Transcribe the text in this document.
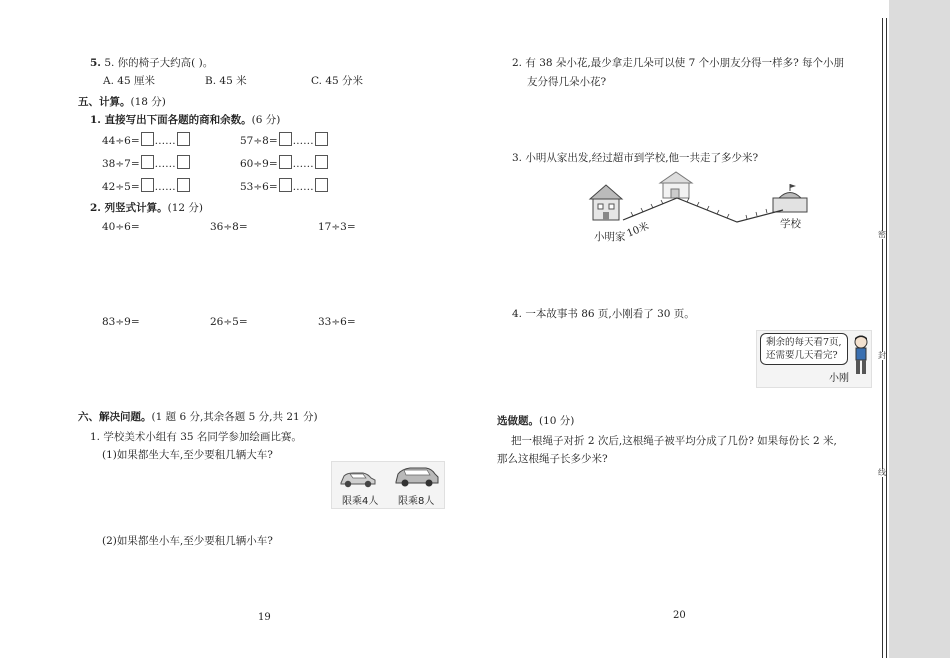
5. 5. 你的椅子大约高( )。
A. 45 厘米	B. 45 米	C. 45 分米
五、计算。(18 分)
1. 直接写出下面各题的商和余数。(6 分)
44÷6= ……	57÷8= ……
38÷7= ……	60÷9= ……
42÷5= ……	53÷6= ……
2. 列竖式计算。(12 分)
40÷6=	36÷8=	17÷3=
83÷9=	26÷5=	33÷6=
六、解决问题。(1 题 6 分,其余各题 5 分,共 21 分)
1. 学校美术小组有 35 名同学参加绘画比赛。
(1)如果都坐大车,至少要租几辆大车?
限乘4人 限乘8人
(2)如果都坐小车,至少要租几辆小车?
19
2. 有 38 朵小花,最少拿走几朵可以使 7 个小朋友分得一样多? 每个小朋
友分得几朵小花?
3. 小明从家出发,经过超市到学校,他一共走了多少米?
小明家 10米	学校
4. 一本故事书 86 页,小刚看了 30 页。
剩余的每天看7页,
还需要几天看完?
小刚
选做题。(10 分)
把一根绳子对折 2 次后,这根绳子被平均分成了几份? 如果每份长 2 米,
那么这根绳子长多少米?
20
密
封
线
